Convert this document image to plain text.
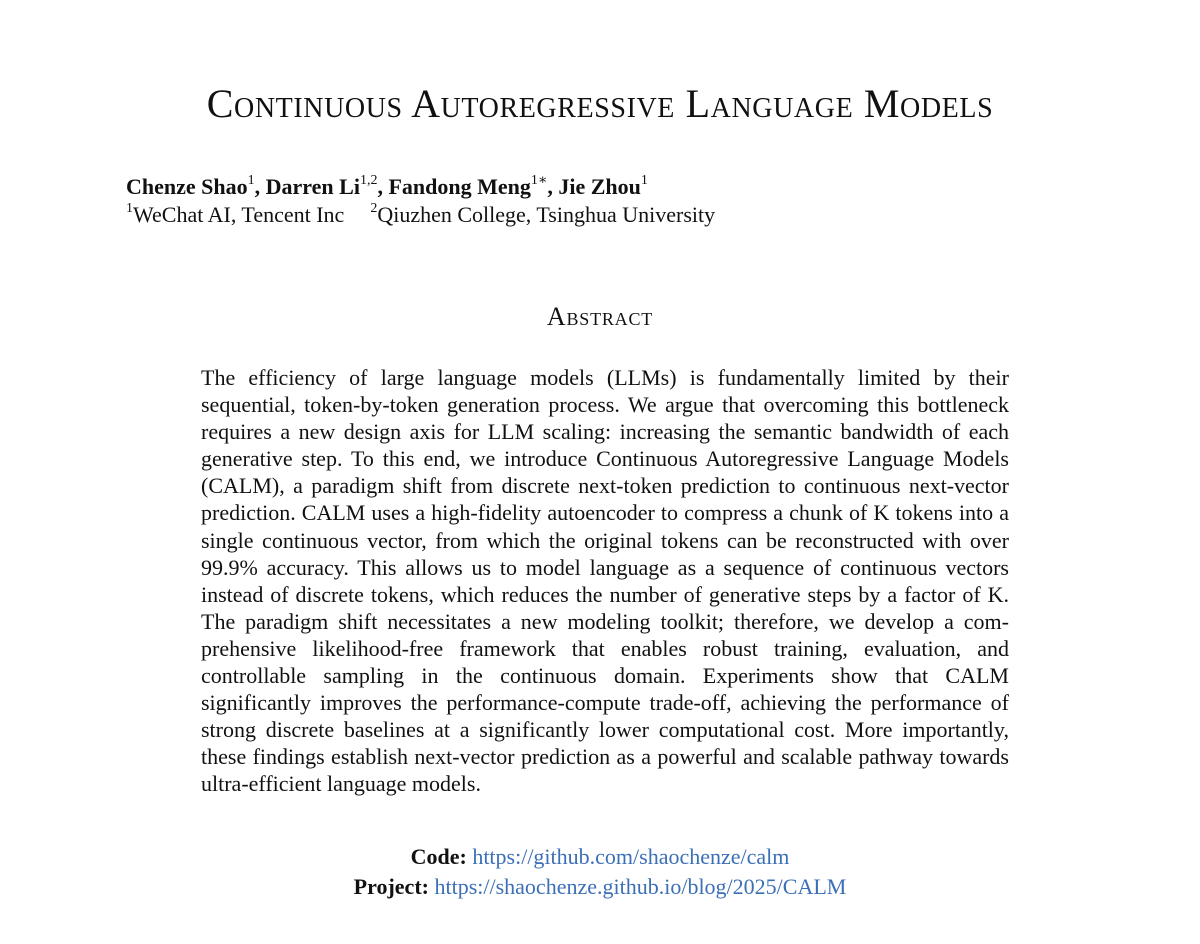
Continuous Autoregressive Language Models
Chenze Shao$^1$, Darren Li$^{1,2}$, Fandong Meng$^{1∗}$, Jie Zhou$^1$
$^1$WeChat AI, Tencent Inc $^2$Qiuzhen College, Tsinghua University
Abstract

The efficiency of large language models (LLMs) is fundamentally limited by their sequential, token-by-token generation process. We argue that overcoming this bottleneck requires a new design axis for LLM scaling: increasing the semantic bandwidth of each generative step. To this end, we introduce Continuous Autoregressive Language Models (CALM), a paradigm shift from discrete next-token prediction to continuous next-vector prediction. CALM uses a high-fidelity autoencoder to compress a chunk of K tokens into a single continuous vector, from which the original tokens can be reconstructed with over 99.9% accuracy. This allows us to model language as a sequence of continuous vectors instead of discrete tokens, which reduces the number of generative steps by a factor of K. The paradigm shift necessitates a new modeling toolkit; therefore, we develop a comprehensive likelihood-free framework that enables robust training, evaluation, and controllable sampling in the continuous domain. Experiments show that CALM significantly improves the performance-compute trade-off, achieving the performance of strong discrete baselines at a significantly lower computational cost. More importantly, these findings establish next-vector prediction as a powerful and scalable pathway towards ultra-efficient language models.

Code: https://github.com/shaochenze/calm
Project: https://shaochenze.github.io/blog/2025/CALM
